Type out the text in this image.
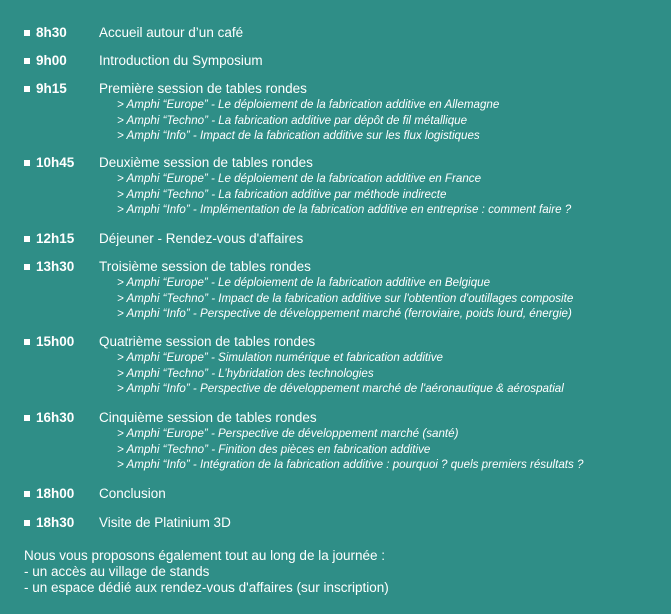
8h30 Accueil autour d’un café
9h00 Introduction du Symposium
9h15 Première session de tables rondes
> Amphi “Europe” - Le déploiement de la fabrication additive en Allemagne
> Amphi “Techno” - La fabrication additive par dépôt de fil métallique
> Amphi “Info” - Impact de la fabrication additive sur les flux logistiques
10h45 Deuxième session de tables rondes
> Amphi “Europe” - Le déploiement de la fabrication additive en France
> Amphi “Techno” - La fabrication additive par méthode indirecte
> Amphi “Info” - Implémentation de la fabrication additive en entreprise : comment faire ?
12h15 Déjeuner - Rendez-vous d'affaires
13h30 Troisième session de tables rondes
> Amphi “Europe” - Le déploiement de la fabrication additive en Belgique
> Amphi “Techno” - Impact de la fabrication additive sur l'obtention d'outillages composite
> Amphi “Info” - Perspective de développement marché (ferroviaire, poids lourd, énergie)
15h00 Quatrième session de tables rondes
> Amphi “Europe” - Simulation numérique et fabrication additive
> Amphi “Techno” - L’hybridation des technologies
> Amphi “Info” - Perspective de développement marché de l'aéronautique & aérospatial
16h30 Cinquième session de tables rondes
> Amphi “Europe” - Perspective de développement marché (santé)
> Amphi “Techno” - Finition des pièces en fabrication additive
> Amphi “Info” - Intégration de la fabrication additive : pourquoi ? quels premiers résultats ?
18h00 Conclusion
18h30 Visite de Platinium 3D
Nous vous proposons également tout au long de la journée :
- un accès au village de stands
- un espace dédié aux rendez-vous d'affaires (sur inscription)
